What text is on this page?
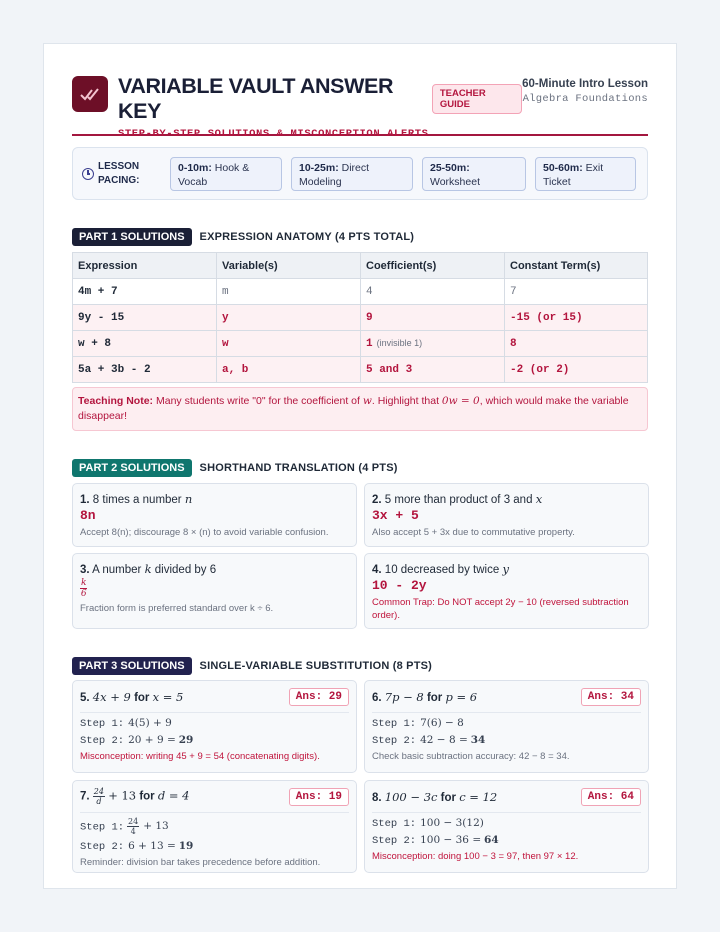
VARIABLE VAULT ANSWER KEY
TEACHER GUIDE
STEP-BY-STEP SOLUTIONS & MISCONCEPTION ALERTS
60-Minute Intro Lesson
Algebra Foundations
LESSON PACING:
0-10m: Hook & Vocab
10-25m: Direct Modeling
25-50m: Worksheet
50-60m: Exit Ticket
PART 1 SOLUTIONS	EXPRESSION ANATOMY (4 PTS TOTAL)
Expression	Variable(s)	Coefficient(s)	Constant Term(s)
4m + 7	m	4	7
9y - 15	y	9	-15 (or 15)
w + 8	w	1 (invisible 1)	8
5a + 3b - 2	a, b	5 and 3	-2 (or 2)
Teaching Note: Many students write "0" for the coefficient of w. Highlight that 0w = 0, which would make the variable disappear!
PART 2 SOLUTIONS	SHORTHAND TRANSLATION (4 PTS)
1. 8 times a number n
8n
Accept 8(n); discourage 8 × (n) to avoid variable confusion.
2. 5 more than product of 3 and x
3x + 5
Also accept 5 + 3x due to commutative property.
3. A number k divided by 6
$\frac{k}{6}$
Fraction form is preferred standard over k ÷ 6.
4. 10 decreased by twice y
10 - 2y
Common Trap: Do NOT accept 2y − 10 (reversed subtraction order).
PART 3 SOLUTIONS	SINGLE-VARIABLE SUBSTITUTION (8 PTS)
5. 4x + 9 for x = 5	Ans: 29
Step 1: 4(5) + 9
Step 2: 20 + 9 = 29
Misconception: writing 45 + 9 = 54 (concatenating digits).
6. 7p − 8 for p = 6	Ans: 34
Step 1: 7(6) − 8
Step 2: 42 − 8 = 34
Check basic subtraction accuracy: 42 − 8 = 34.
7. $\frac{24}{d} + 13$ for d = 4	Ans: 19
Step 1: $\frac{24}{4} + 13$
Step 2: 6 + 13 = 19
Reminder: division bar takes precedence before addition.
8. 100 − 3c for c = 12	Ans: 64
Step 1: 100 − 3(12)
Step 2: 100 − 36 = 64
Misconception: doing 100 − 3 = 97, then 97 × 12.
